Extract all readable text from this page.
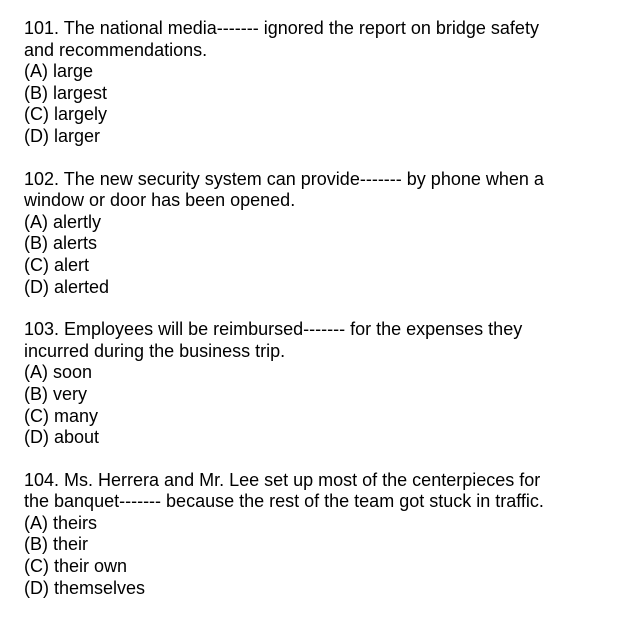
101. The national media------- ignored the report on bridge safety
and recommendations.
(A) large
(B) largest
(C) largely
(D) larger
102. The new security system can provide------- by phone when a
window or door has been opened.
(A) alertly
(B) alerts
(C) alert
(D) alerted
103. Employees will be reimbursed------- for the expenses they
incurred during the business trip.
(A) soon
(B) very
(C) many
(D) about
104. Ms. Herrera and Mr. Lee set up most of the centerpieces for
the banquet------- because the rest of the team got stuck in traffic.
(A) theirs
(B) their
(C) their own
(D) themselves
